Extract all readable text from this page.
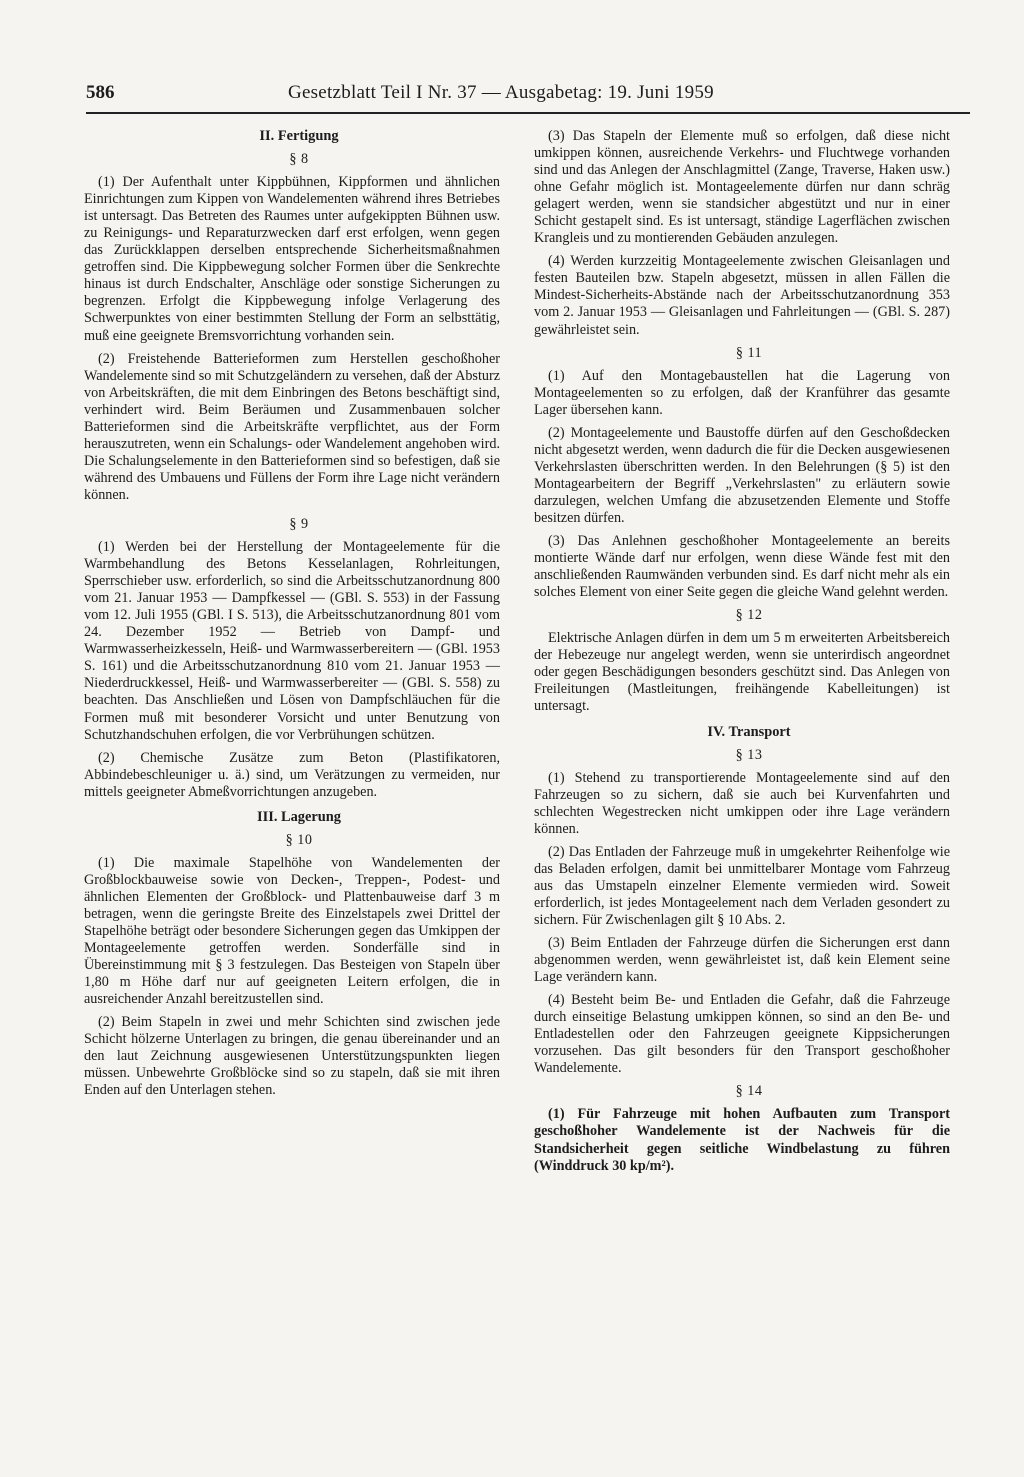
586	Gesetzblatt Teil I Nr. 37 — Ausgabetag: 19. Juni 1959

II. Fertigung

§ 8

(1) Der Aufenthalt unter Kippbühnen, Kippformen und ähnlichen Einrichtungen zum Kippen von Wandelementen während ihres Betriebes ist untersagt. Das Betreten des Raumes unter aufgekippten Bühnen usw. zu Reinigungs- und Reparaturzwecken darf erst erfolgen, wenn gegen das Zurückklappen derselben entsprechende Sicherheitsmaßnahmen getroffen sind. Die Kippbewegung solcher Formen über die Senkrechte hinaus ist durch Endschalter, Anschläge oder sonstige Sicherungen zu begrenzen. Erfolgt die Kippbewegung infolge Verlagerung des Schwerpunktes von einer bestimmten Stellung der Form an selbsttätig, muß eine geeignete Bremsvorrichtung vorhanden sein.

(2) Freistehende Batterieformen zum Herstellen geschoßhoher Wandelemente sind so mit Schutzgeländern zu versehen, daß der Absturz von Arbeitskräften, die mit dem Einbringen des Betons beschäftigt sind, verhindert wird. Beim Beräumen und Zusammenbauen solcher Batterieformen sind die Arbeitskräfte verpflichtet, aus der Form herauszutreten, wenn ein Schalungs- oder Wandelement angehoben wird. Die Schalungselemente in den Batterieformen sind so befestigen, daß sie während des Umbauens und Füllens der Form ihre Lage nicht verändern können.

§ 9

(1) Werden bei der Herstellung der Montageelemente für die Warmbehandlung des Betons Kesselanlagen, Rohrleitungen, Sperrschieber usw. erforderlich, so sind die Arbeitsschutzanordnung 800 vom 21. Januar 1953 — Dampfkessel — (GBl. S. 553) in der Fassung vom 12. Juli 1955 (GBl. I S. 513), die Arbeitsschutzanordnung 801 vom 24. Dezember 1952 — Betrieb von Dampf- und Warmwasserheizkesseln, Heiß- und Warmwasserbereitern — (GBl. 1953 S. 161) und die Arbeitsschutzanordnung 810 vom 21. Januar 1953 — Niederdruckkessel, Heiß- und Warmwasserbereiter — (GBl. S. 558) zu beachten. Das Anschließen und Lösen von Dampfschläuchen für die Formen muß mit besonderer Vorsicht und unter Benutzung von Schutzhandschuhen erfolgen, die vor Verbrühungen schützen.

(2) Chemische Zusätze zum Beton (Plastifikatoren, Abbindebeschleuniger u. ä.) sind, um Verätzungen zu vermeiden, nur mittels geeigneter Abmeßvorrichtungen anzugeben.

III. Lagerung

§ 10

(1) Die maximale Stapelhöhe von Wandelementen der Großblockbauweise sowie von Decken-, Treppen-, Podest- und ähnlichen Elementen der Großblock- und Plattenbauweise darf 3 m betragen, wenn die geringste Breite des Einzelstapels zwei Drittel der Stapelhöhe beträgt oder besondere Sicherungen gegen das Umkippen der Montageelemente getroffen werden. Sonderfälle sind in Übereinstimmung mit § 3 festzulegen. Das Besteigen von Stapeln über 1,80 m Höhe darf nur auf geeigneten Leitern erfolgen, die in ausreichender Anzahl bereitzustellen sind.

(2) Beim Stapeln in zwei und mehr Schichten sind zwischen jede Schicht hölzerne Unterlagen zu bringen, die genau übereinander und an den laut Zeichnung ausgewiesenen Unterstützungspunkten liegen müssen. Unbewehrte Großblöcke sind so zu stapeln, daß sie mit ihren Enden auf den Unterlagen stehen.

(3) Das Stapeln der Elemente muß so erfolgen, daß diese nicht umkippen können, ausreichende Verkehrs- und Fluchtwege vorhanden sind und das Anlegen der Anschlagmittel (Zange, Traverse, Haken usw.) ohne Gefahr möglich ist. Montageelemente dürfen nur dann schräg gelagert werden, wenn sie standsicher abgestützt und nur in einer Schicht gestapelt sind. Es ist untersagt, ständige Lagerflächen zwischen Krangleis und zu montierenden Gebäuden anzulegen.

(4) Werden kurzzeitig Montageelemente zwischen Gleisanlagen und festen Bauteilen bzw. Stapeln abgesetzt, müssen in allen Fällen die Mindest-Sicherheits-Abstände nach der Arbeitsschutzanordnung 353 vom 2. Januar 1953 — Gleisanlagen und Fahrleitungen — (GBl. S. 287) gewährleistet sein.

§ 11

(1) Auf den Montagebaustellen hat die Lagerung von Montageelementen so zu erfolgen, daß der Kranführer das gesamte Lager übersehen kann.

(2) Montageelemente und Baustoffe dürfen auf den Geschoßdecken nicht abgesetzt werden, wenn dadurch die für die Decken ausgewiesenen Verkehrslasten überschritten werden. In den Belehrungen (§ 5) ist den Montagearbeitern der Begriff „Verkehrslasten" zu erläutern sowie darzulegen, welchen Umfang die abzusetzenden Elemente und Stoffe besitzen dürfen.

(3) Das Anlehnen geschoßhoher Montageelemente an bereits montierte Wände darf nur erfolgen, wenn diese Wände fest mit den anschließenden Raumwänden verbunden sind. Es darf nicht mehr als ein solches Element von einer Seite gegen die gleiche Wand gelehnt werden.

§ 12

Elektrische Anlagen dürfen in dem um 5 m erweiterten Arbeitsbereich der Hebezeuge nur angelegt werden, wenn sie unterirdisch angeordnet oder gegen Beschädigungen besonders geschützt sind. Das Anlegen von Freileitungen (Mastleitungen, freihängende Kabelleitungen) ist untersagt.

IV. Transport

§ 13

(1) Stehend zu transportierende Montageelemente sind auf den Fahrzeugen so zu sichern, daß sie auch bei Kurvenfahrten und schlechten Wegestrecken nicht umkippen oder ihre Lage verändern können.

(2) Das Entladen der Fahrzeuge muß in umgekehrter Reihenfolge wie das Beladen erfolgen, damit bei unmittelbarer Montage vom Fahrzeug aus das Umstapeln einzelner Elemente vermieden wird. Soweit erforderlich, ist jedes Montageelement nach dem Verladen gesondert zu sichern. Für Zwischenlagen gilt § 10 Abs. 2.

(3) Beim Entladen der Fahrzeuge dürfen die Sicherungen erst dann abgenommen werden, wenn gewährleistet ist, daß kein Element seine Lage verändern kann.

(4) Besteht beim Be- und Entladen die Gefahr, daß die Fahrzeuge durch einseitige Belastung umkippen können, so sind an den Be- und Entladestellen oder den Fahrzeugen geeignete Kippsicherungen vorzusehen. Das gilt besonders für den Transport geschoßhoher Wandelemente.

§ 14

(1) Für Fahrzeuge mit hohen Aufbauten zum Transport geschoßhoher Wandelemente ist der Nachweis für die Standsicherheit gegen seitliche Windbelastung zu führen (Winddruck 30 kp/m²).
